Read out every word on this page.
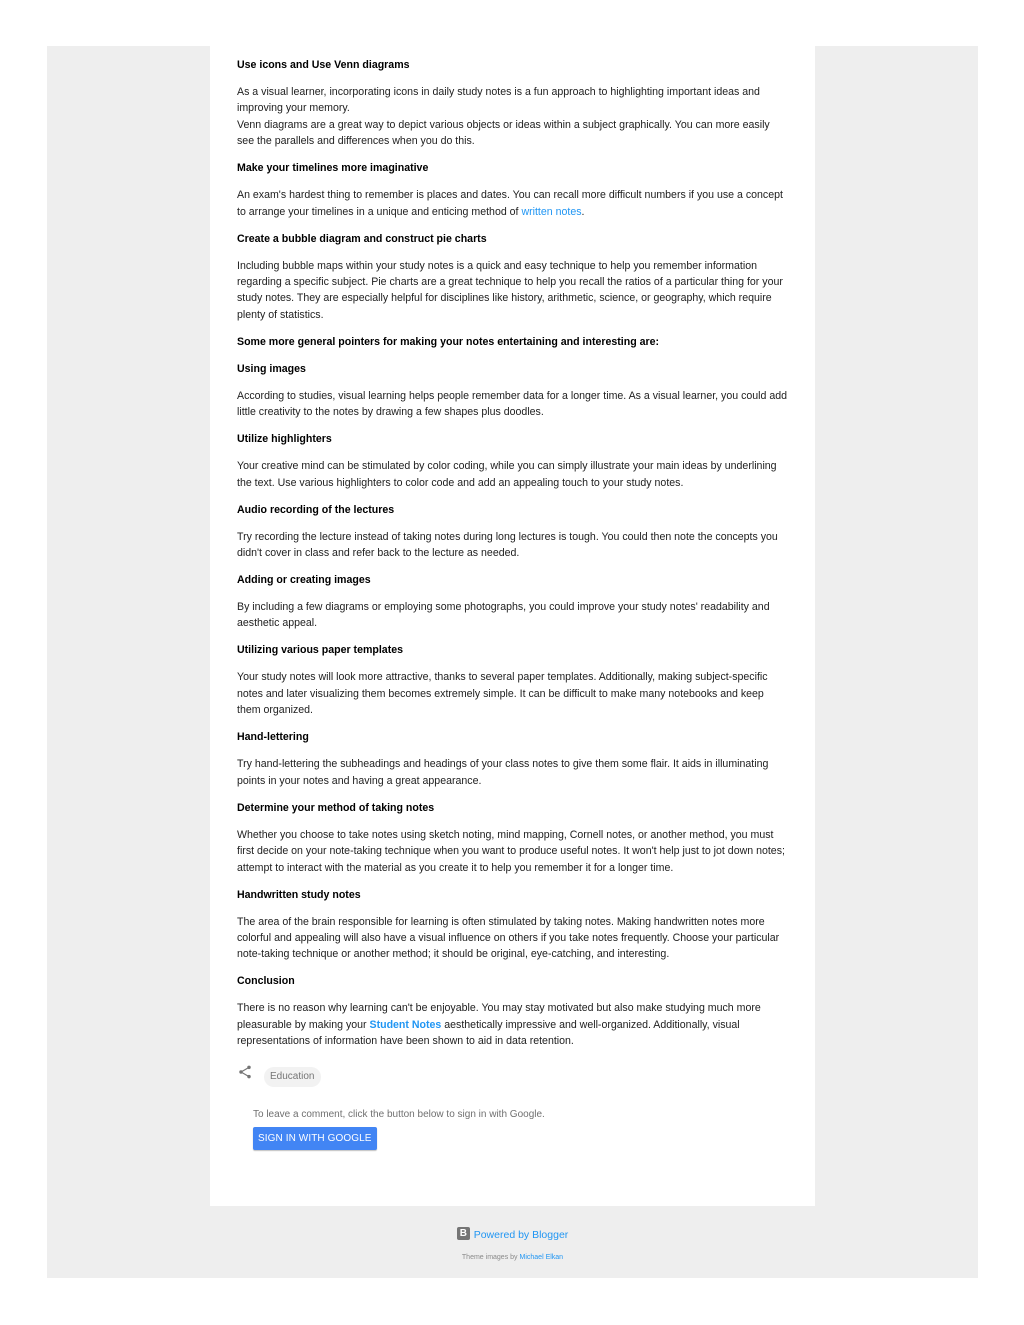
Use icons and Use Venn diagrams

As a visual learner, incorporating icons in daily study notes is a fun approach to highlighting important ideas and improving your memory.

Venn diagrams are a great way to depict various objects or ideas within a subject graphically. You can more easily see the parallels and differences when you do this.

Make your timelines more imaginative

An exam's hardest thing to remember is places and dates. You can recall more difficult numbers if you use a concept to arrange your timelines in a unique and enticing method of written notes.

Create a bubble diagram and construct pie charts

Including bubble maps within your study notes is a quick and easy technique to help you remember information regarding a specific subject. Pie charts are a great technique to help you recall the ratios of a particular thing for your study notes. They are especially helpful for disciplines like history, arithmetic, science, or geography, which require plenty of statistics.

Some more general pointers for making your notes entertaining and interesting are:
Using images

According to studies, visual learning helps people remember data for a longer time. As a visual learner, you could add little creativity to the notes by drawing a few shapes plus doodles.

Utilize highlighters

Your creative mind can be stimulated by color coding, while you can simply illustrate your main ideas by underlining the text. Use various highlighters to color code and add an appealing touch to your study notes.

Audio recording of the lectures

Try recording the lecture instead of taking notes during long lectures is tough. You could then note the concepts you didn't cover in class and refer back to the lecture as needed.

Adding or creating images

By including a few diagrams or employing some photographs, you could improve your study notes' readability and aesthetic appeal.

Utilizing various paper templates

Your study notes will look more attractive, thanks to several paper templates. Additionally, making subject-specific notes and later visualizing them becomes extremely simple. It can be difficult to make many notebooks and keep them organized.

Hand-lettering

Try hand-lettering the subheadings and headings of your class notes to give them some flair. It aids in illuminating points in your notes and having a great appearance.

Determine your method of taking notes

Whether you choose to take notes using sketch noting, mind mapping, Cornell notes, or another method, you must first decide on your note-taking technique when you want to produce useful notes. It won't help just to jot down notes; attempt to interact with the material as you create it to help you remember it for a longer time.

Handwritten study notes

The area of the brain responsible for learning is often stimulated by taking notes. Making handwritten notes more colorful and appealing will also have a visual influence on others if you take notes frequently. Choose your particular note-taking technique or another method; it should be original, eye-catching, and interesting.

Conclusion

There is no reason why learning can't be enjoyable. You may stay motivated but also make studying much more pleasurable by making your Student Notes aesthetically impressive and well-organized. Additionally, visual representations of information have been shown to aid in data retention.

Education
To leave a comment, click the button below to sign in with Google.
SIGN IN WITH GOOGLE
B Powered by Blogger
Theme images by Michael Elkan
